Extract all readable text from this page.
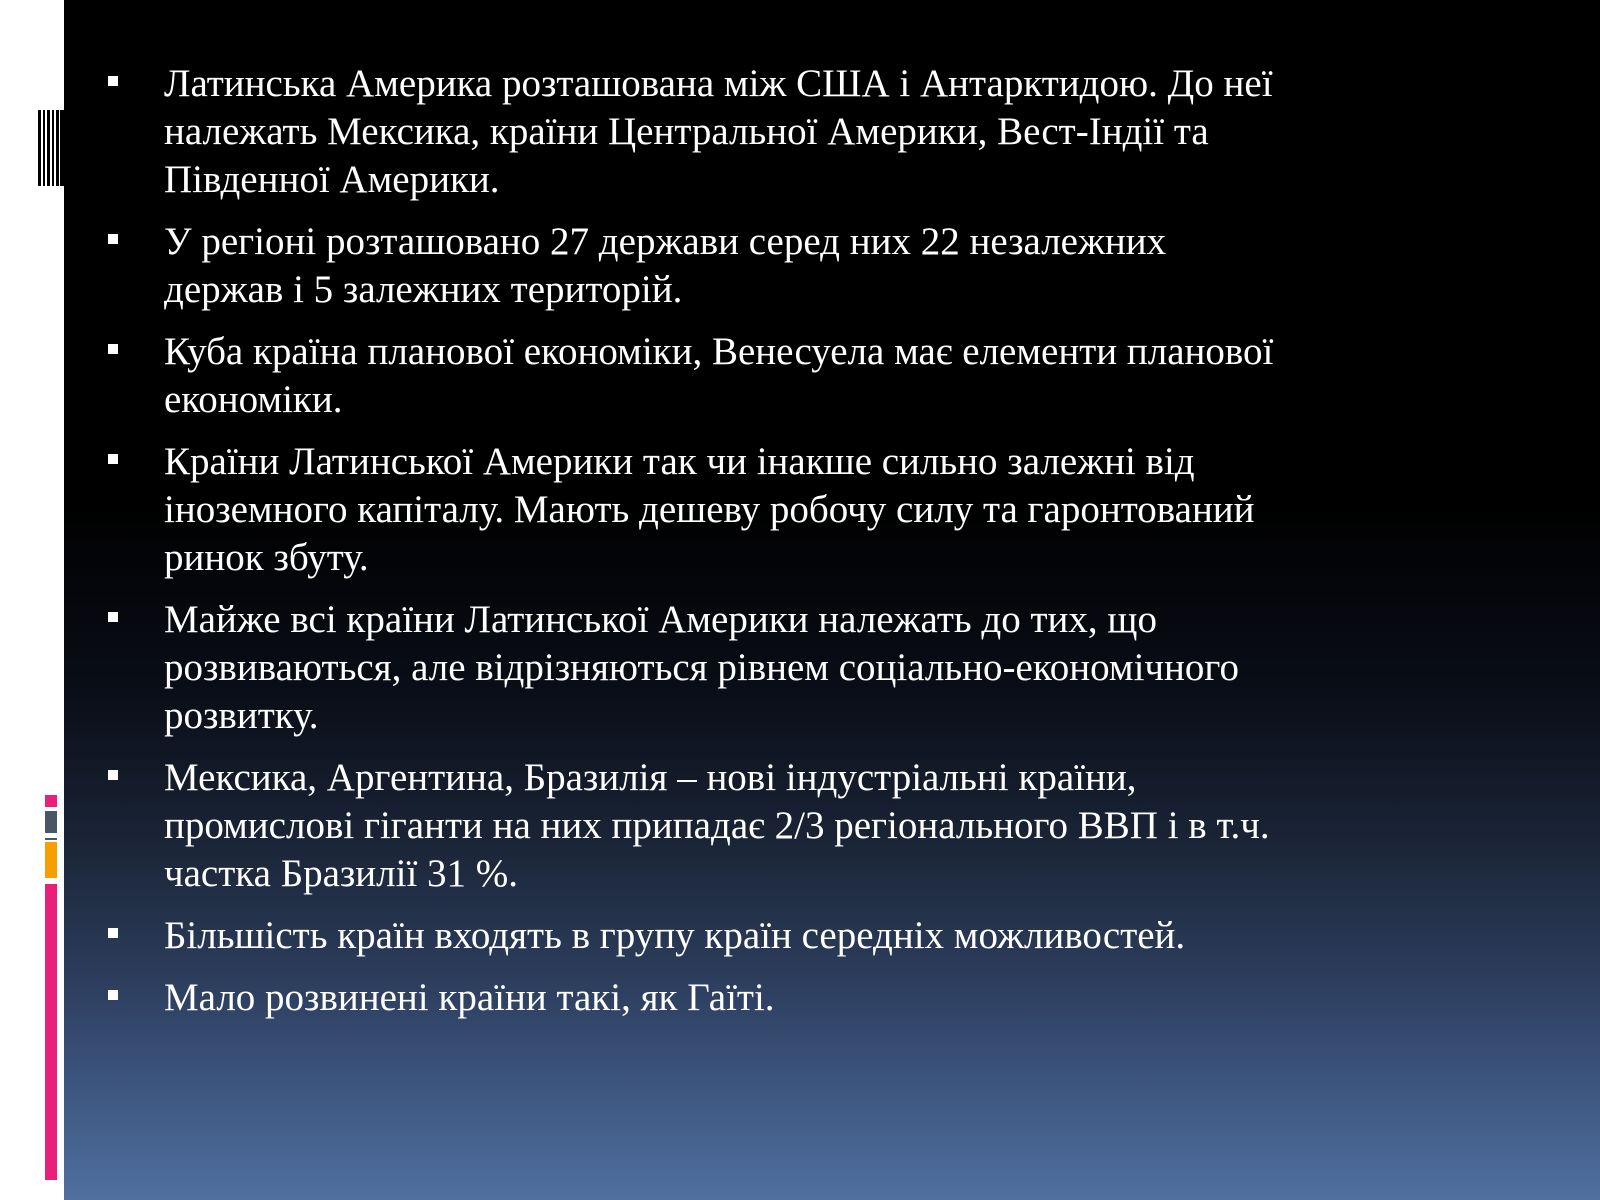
Латинська Америка розташована між США і Антарктидою. До неї
належать Мексика, країни Центральної Америки, Вест-Індії та
Південної Америки.
У регіоні розташовано 27 держави серед них 22 незалежних
держав і 5 залежних територій.
Куба країна планової економіки, Венесуела має елементи планової
економіки.
Країни Латинської Америки так чи інакше сильно залежні від
іноземного капіталу. Мають дешеву робочу силу та гаронтований
ринок збуту.
Майже всі країни Латинської Америки належать до тих, що
розвиваються, але відрізняються рівнем соціально-економічного
розвитку.
Мексика, Аргентина, Бразилія – нові індустріальні країни,
промислові гіганти на них припадає 2/3 регіонального ВВП і в т.ч.
частка Бразилії 31 %.
Більшість країн входять в групу країн середніх можливостей.
Мало розвинені країни такі, як Гаїті.
